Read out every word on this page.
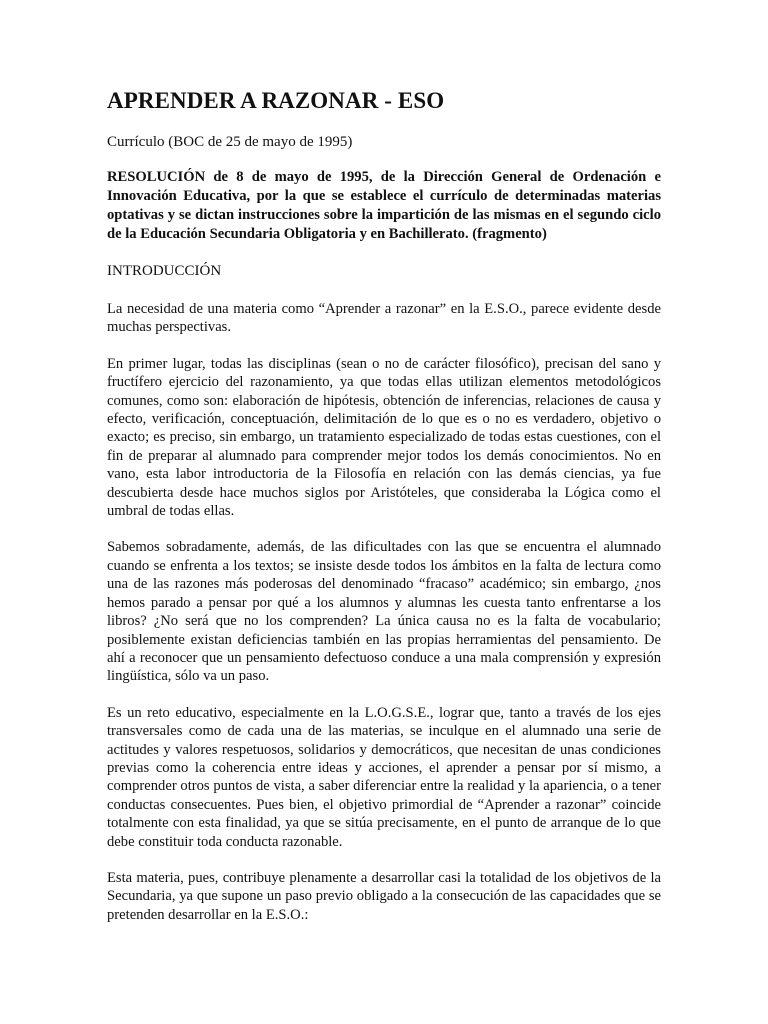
APRENDER A RAZONAR - ESO

Currículo (BOC de 25 de mayo de 1995)

RESOLUCIÓN de 8 de mayo de 1995, de la Dirección General de Ordenación e Innovación Educativa, por la que se establece el currículo de determinadas materias optativas y se dictan instrucciones sobre la impartición de las mismas en el segundo ciclo de la Educación Secundaria Obligatoria y en Bachillerato. (fragmento)

INTRODUCCIÓN

La necesidad de una materia como “Aprender a razonar” en la E.S.O., parece evidente desde muchas perspectivas.

En primer lugar, todas las disciplinas (sean o no de carácter filosófico), precisan del sano y fructífero ejercicio del razonamiento, ya que todas ellas utilizan elementos metodológicos comunes, como son: elaboración de hipótesis, obtención de inferencias, relaciones de causa y efecto, verificación, conceptuación, delimitación de lo que es o no es verdadero, objetivo o exacto; es preciso, sin embargo, un tratamiento especializado de todas estas cuestiones, con el fin de preparar al alumnado para comprender mejor todos los demás conocimientos. No en vano, esta labor introductoria de la Filosofía en relación con las demás ciencias, ya fue descubierta desde hace muchos siglos por Aristóteles, que consideraba la Lógica como el umbral de todas ellas.

Sabemos sobradamente, además, de las dificultades con las que se encuentra el alumnado cuando se enfrenta a los textos; se insiste desde todos los ámbitos en la falta de lectura como una de las razones más poderosas del denominado “fracaso” académico; sin embargo, ¿nos hemos parado a pensar por qué a los alumnos y alumnas les cuesta tanto enfrentarse a los libros? ¿No será que no los comprenden? La única causa no es la falta de vocabulario; posiblemente existan deficiencias también en las propias herramientas del pensamiento. De ahí a reconocer que un pensamiento defectuoso conduce a una mala comprensión y expresión lingüística, sólo va un paso.

Es un reto educativo, especialmente en la L.O.G.S.E., lograr que, tanto a través de los ejes transversales como de cada una de las materias, se inculque en el alumnado una serie de actitudes y valores respetuosos, solidarios y democráticos, que necesitan de unas condiciones previas como la coherencia entre ideas y acciones, el aprender a pensar por sí mismo, a comprender otros puntos de vista, a saber diferenciar entre la realidad y la apariencia, o a tener conductas consecuentes. Pues bien, el objetivo primordial de “Aprender a razonar” coincide totalmente con esta finalidad, ya que se sitúa precisamente, en el punto de arranque de lo que debe constituir toda conducta razonable.

Esta materia, pues, contribuye plenamente a desarrollar casi la totalidad de los objetivos de la Secundaria, ya que supone un paso previo obligado a la consecución de las capacidades que se pretenden desarrollar en la E.S.O.:
